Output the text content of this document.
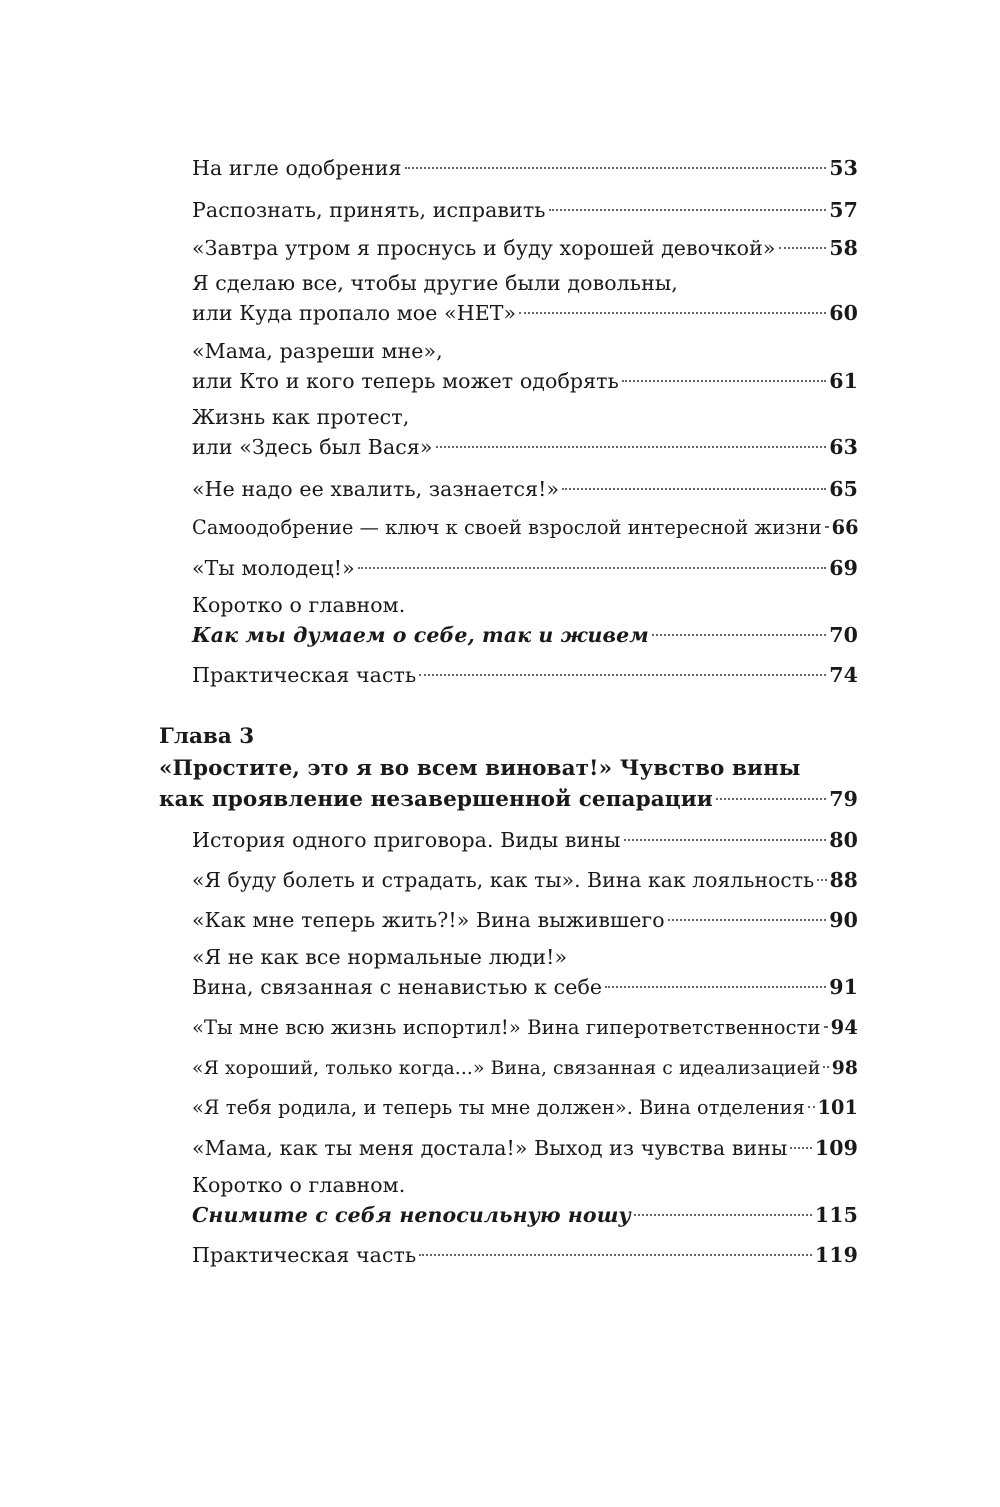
На игле одобрения	53
Распознать, принять, исправить	57
«Завтра утром я проснусь и буду хорошей девочкой»	58
Я сделаю все, чтобы другие были довольны,
или Куда пропало мое «НЕТ»	60
«Мама, разреши мне»,
или Кто и кого теперь может одобрять	61
Жизнь как протест,
или «Здесь был Вася»	63
«Не надо ее хвалить, зазнается!»	65
Самоодобрение — ключ к своей взрослой интересной жизни 66
«Ты молодец!»	69
Коротко о главном.
Как мы думаем о себе, так и живем	70
Практическая часть	74
Глава 3
«Простите, это я во всем виноват!» Чувство вины
как проявление незавершенной сепарации	79
История одного приговора. Виды вины	80
«Я буду болеть и страдать, как ты». Вина как лояльность 88
«Как мне теперь жить?!» Вина выжившего	90
«Я не как все нормальные люди!»
Вина, связанная с ненавистью к себе	91
«Ты мне всю жизнь испортил!» Вина гиперответственности 94
«Я хороший, только когда...» Вина, связанная с идеализацией 98
«Я тебя родила, и теперь ты мне должен». Вина отделения 101
«Мама, как ты меня достала!» Выход из чувства вины 109
Коротко о главном.
Снимите с себя непосильную ношу	115
Практическая часть	119
